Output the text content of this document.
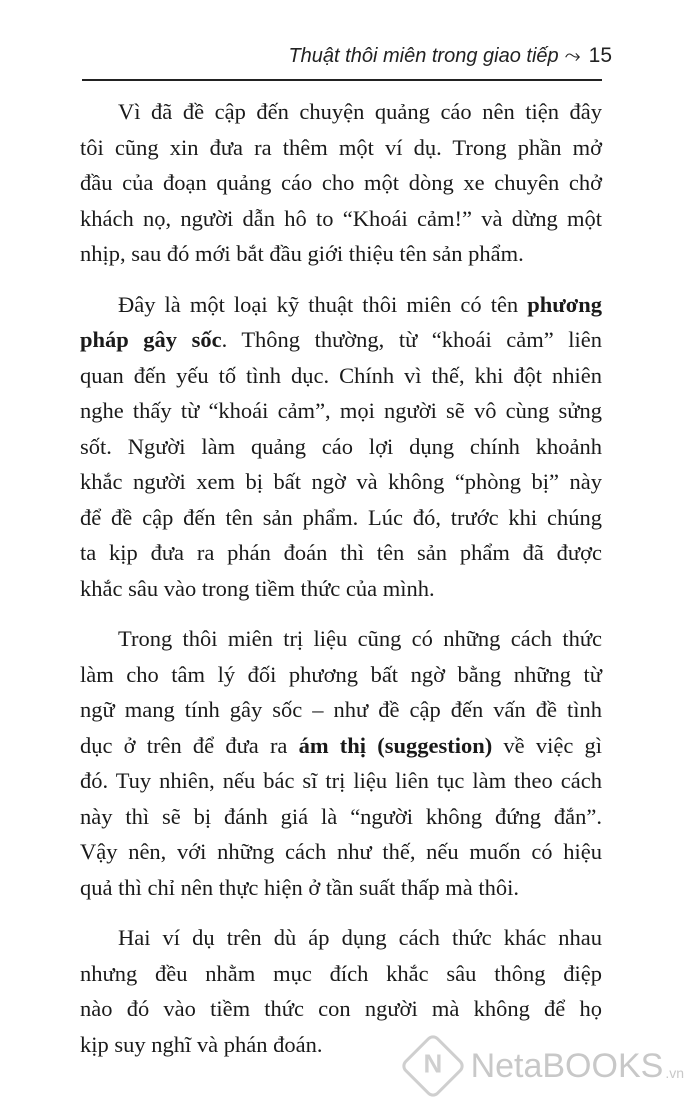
Thuật thôi miên trong giao tiếp ⤳ 15
Vì đã đề cập đến chuyện quảng cáo nên tiện đây
tôi cũng xin đưa ra thêm một ví dụ. Trong phần mở
đầu của đoạn quảng cáo cho một dòng xe chuyên chở
khách nọ, người dẫn hô to “Khoái cảm!” và dừng một
nhịp, sau đó mới bắt đầu giới thiệu tên sản phẩm.
Đây là một loại kỹ thuật thôi miên có tên phương
pháp gây sốc. Thông thường, từ “khoái cảm” liên
quan đến yếu tố tình dục. Chính vì thế, khi đột nhiên
nghe thấy từ “khoái cảm”, mọi người sẽ vô cùng sửng
sốt. Người làm quảng cáo lợi dụng chính khoảnh
khắc người xem bị bất ngờ và không “phòng bị” này
để đề cập đến tên sản phẩm. Lúc đó, trước khi chúng
ta kịp đưa ra phán đoán thì tên sản phẩm đã được
khắc sâu vào trong tiềm thức của mình.
Trong thôi miên trị liệu cũng có những cách thức
làm cho tâm lý đối phương bất ngờ bằng những từ
ngữ mang tính gây sốc – như đề cập đến vấn đề tình
dục ở trên để đưa ra ám thị (suggestion) về việc gì
đó. Tuy nhiên, nếu bác sĩ trị liệu liên tục làm theo cách
này thì sẽ bị đánh giá là “người không đứng đắn”.
Vậy nên, với những cách như thế, nếu muốn có hiệu
quả thì chỉ nên thực hiện ở tần suất thấp mà thôi.
Hai ví dụ trên dù áp dụng cách thức khác nhau
nhưng đều nhằm mục đích khắc sâu thông điệp
nào đó vào tiềm thức con người mà không để họ
kịp suy nghĩ và phán đoán.
N
NetaBOOKS .vn
